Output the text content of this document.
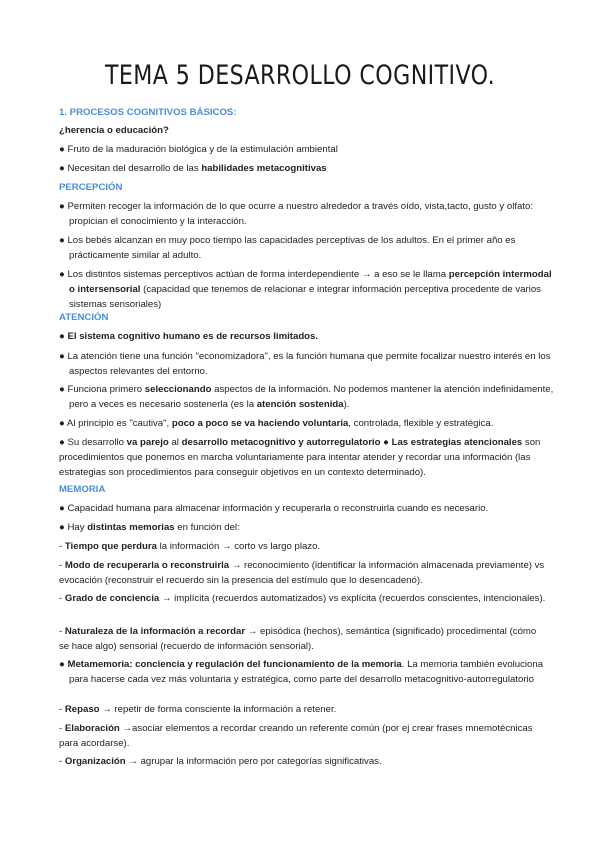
TEMA 5 DESARROLLO COGNITIVO.

1. PROCESOS COGNITIVOS BÁSICOS:

¿herencia o educación?

● Fruto de la maduración biológica y de la estimulación ambiental

● Necesitan del desarrollo de las habilidades metacognitivas

PERCEPCIÓN

● Permiten recoger la información de lo que ocurre a nuestro alrededor a través oído, vista,tacto, gusto y olfato: propician el conocimiento y la interacción.

● Los bebés alcanzan en muy poco tiempo las capacidades perceptivas de los adultos. En el primer año es prácticamente similar al adulto.

● Los distintos sistemas perceptivos actúan de forma interdependiente → a eso se le llama percepción intermodal o intersensorial (capacidad que tenemos de relacionar e integrar información perceptiva procedente de varios sistemas sensoriales)

ATENCIÓN

● El sistema cognitivo humano es de recursos limitados.

● La atención tiene una función "economizadora", es la función humana que permite focalizar nuestro interés en los aspectos relevantes del entorno.

● Funciona primero seleccionando aspectos de la información. No podemos mantener la atención indefinidamente, pero a veces es necesario sostenerla (es la atención sostenida).

● Al principio es "cautiva", poco a poco se va haciendo voluntaria, controlada, flexible y estratégica.

● Su desarrollo va parejo al desarrollo metacognitivo y autorregulatorio ● Las estrategias atencionales son procedimientos que ponemos en marcha voluntariamente para intentar atender y recordar una información (las estrategias son procedimientos para conseguir objetivos en un contexto determinado).

MEMORIA

● Capacidad humana para almacenar información y recuperarla o reconstruirla cuando es necesario.

● Hay distintas memorias en función del:

- Tiempo que perdura la información → corto vs largo plazo.

- Modo de recuperarla o reconstruirla → reconocimiento (identificar la información almacenada previamente) vs evocación (reconstruir el recuerdo sin la presencia del estímulo que lo desencadenó).

- Grado de conciencia → implícita (recuerdos automatizados) vs explícita (recuerdos conscientes, intencionales).

- Naturaleza de la información a recordar → episódica (hechos), semántica (significado) procedimental (cómo se hace algo) sensorial (recuerdo de información sensorial).

● Metamemoria: conciencia y regulación del funcionamiento de la memoria. La memoria también evoluciona para hacerse cada vez más voluntaria y estratégica, como parte del desarrollo metacognitivo-autorregulatorio

- Repaso → repetir de forma consciente la información a retener.

- Elaboración →asociar elementos a recordar creando un referente común (por ej crear frases mnemotécnicas para acordarse).

- Organización → agrupar la información pero por categorías significativas.
